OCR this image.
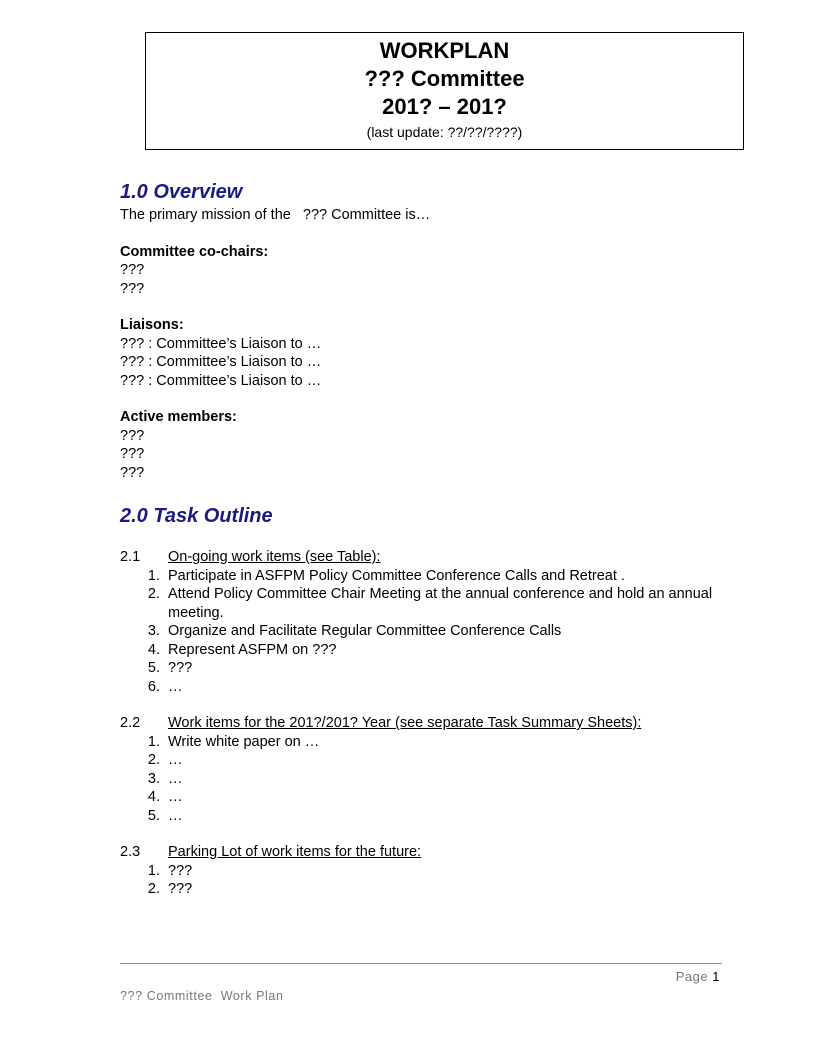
WORKPLAN
??? Committee
201? – 201?
(last update: ??/??/????)
1.0 Overview
The primary mission of the   ??? Committee is…
Committee co-chairs:
???
???
Liaisons:
??? : Committee’s Liaison to …
??? : Committee’s Liaison to …
??? : Committee’s Liaison to …
Active members:
???
???
???
2.0 Task Outline
2.1 On-going work items (see Table):
1. Participate in ASFPM Policy Committee Conference Calls and Retreat .
2. Attend Policy Committee Chair Meeting at the annual conference and hold an annual meeting.
3. Organize and Facilitate Regular Committee Conference Calls
4. Represent ASFPM on ???
5. ???
6. …
2.2 Work items for the 201?/201? Year (see separate Task Summary Sheets):
1. Write white paper on …
2. …
3. …
4. …
5. …
2.3 Parking Lot of work items for the future:
1. ???
2. ???
Page 1
??? Committee  Work Plan
